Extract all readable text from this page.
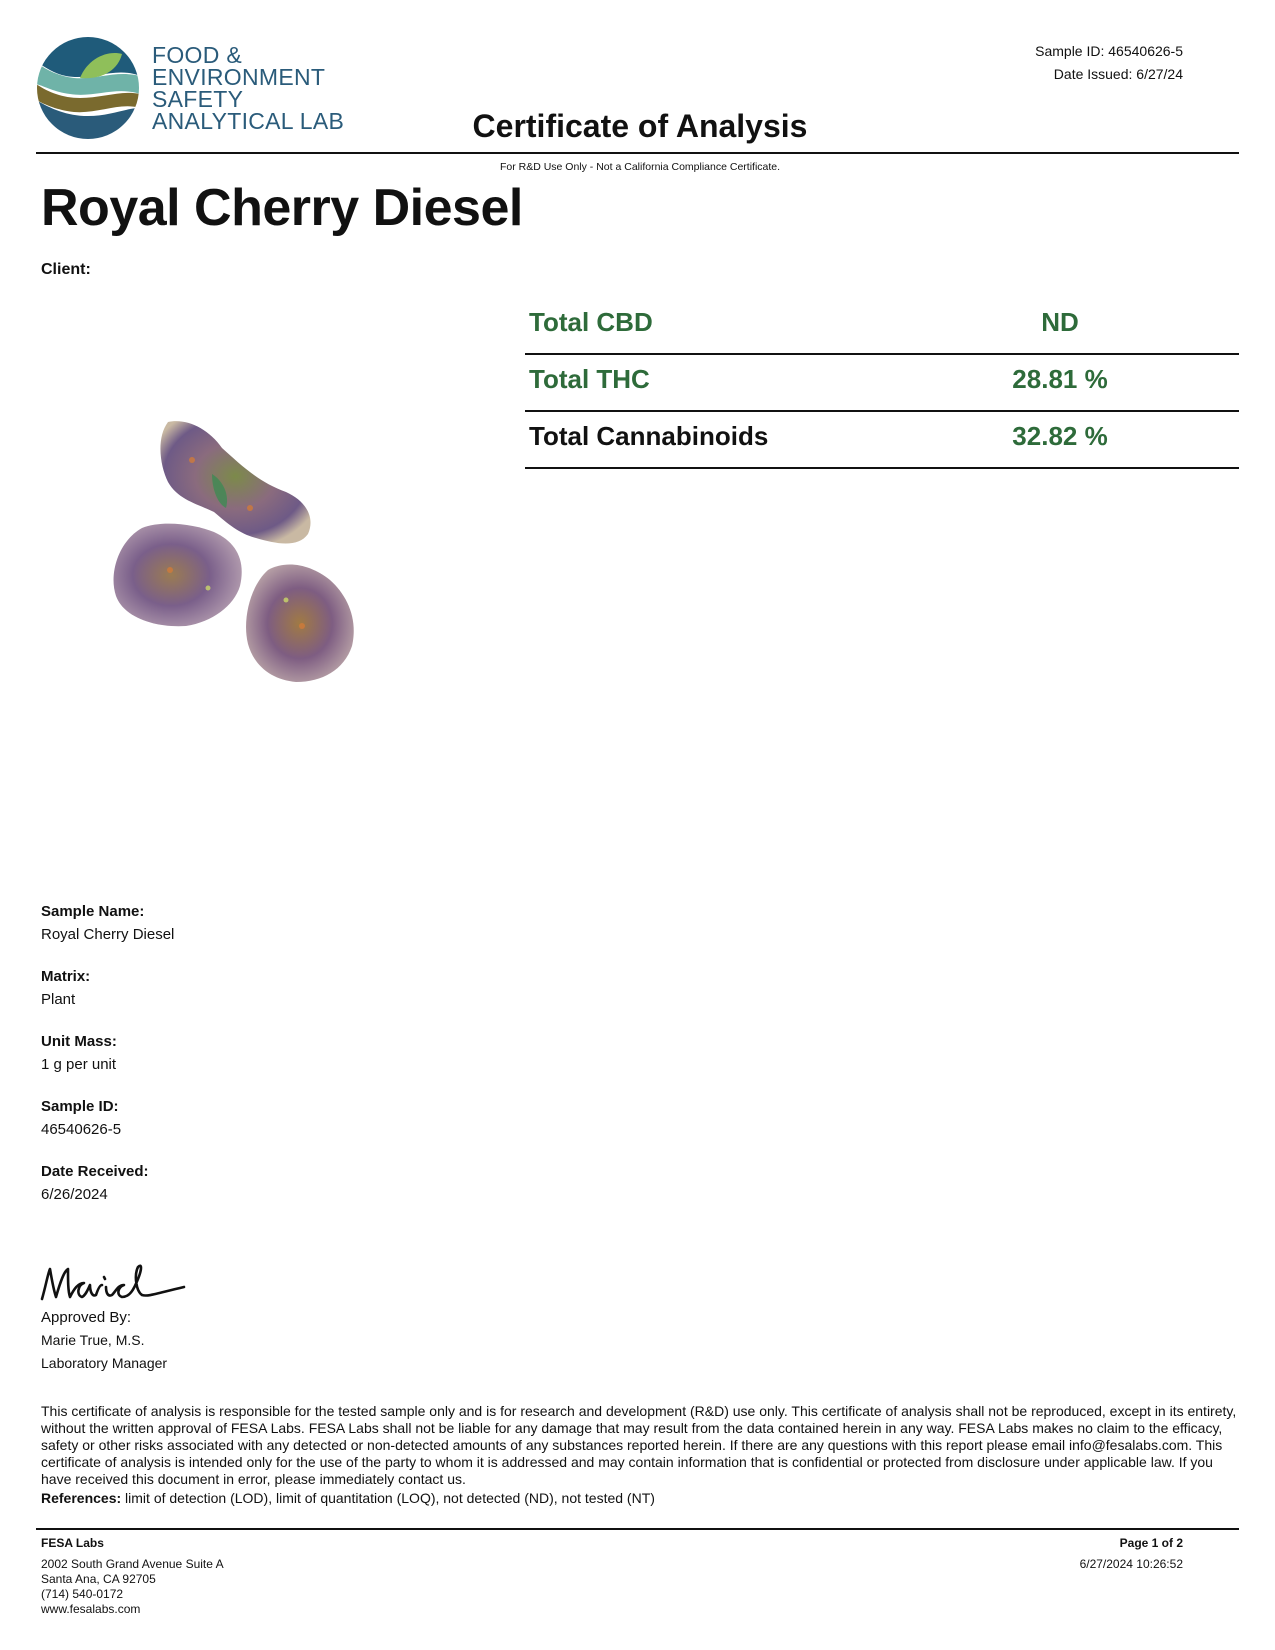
FOOD &
ENVIRONMENT
SAFETY
ANALYTICAL LAB
Sample ID: 46540626-5
Date Issued: 6/27/24
Certificate of Analysis
For R&D Use Only - Not a California Compliance Certificate.
Royal Cherry Diesel
Client:
Total CBD	ND
Total THC	28.81 %
Total Cannabinoids	32.82 %
Sample Name:
Royal Cherry Diesel
Matrix:
Plant
Unit Mass:
1 g per unit
Sample ID:
46540626-5
Date Received:
6/26/2024
Approved By:
Marie True, M.S.
Laboratory Manager
This certificate of analysis is responsible for the tested sample only and is for research and development (R&D) use only. This certificate of analysis shall not be reproduced, except in its entirety, without the written approval of FESA Labs. FESA Labs shall not be liable for any damage that may result from the data contained herein in any way. FESA Labs makes no claim to the efficacy, safety or other risks associated with any detected or non-detected amounts of any substances reported herein. If there are any questions with this report please email info@fesalabs.com. This certificate of analysis is intended only for the use of the party to whom it is addressed and may contain information that is confidential or protected from disclosure under applicable law. If you have received this document in error, please immediately contact us.
References: limit of detection (LOD), limit of quantitation (LOQ), not detected (ND), not tested (NT)
FESA Labs
2002 South Grand Avenue Suite A
Santa Ana, CA 92705
(714) 540-0172
www.fesalabs.com
Page 1 of 2
6/27/2024 10:26:52
